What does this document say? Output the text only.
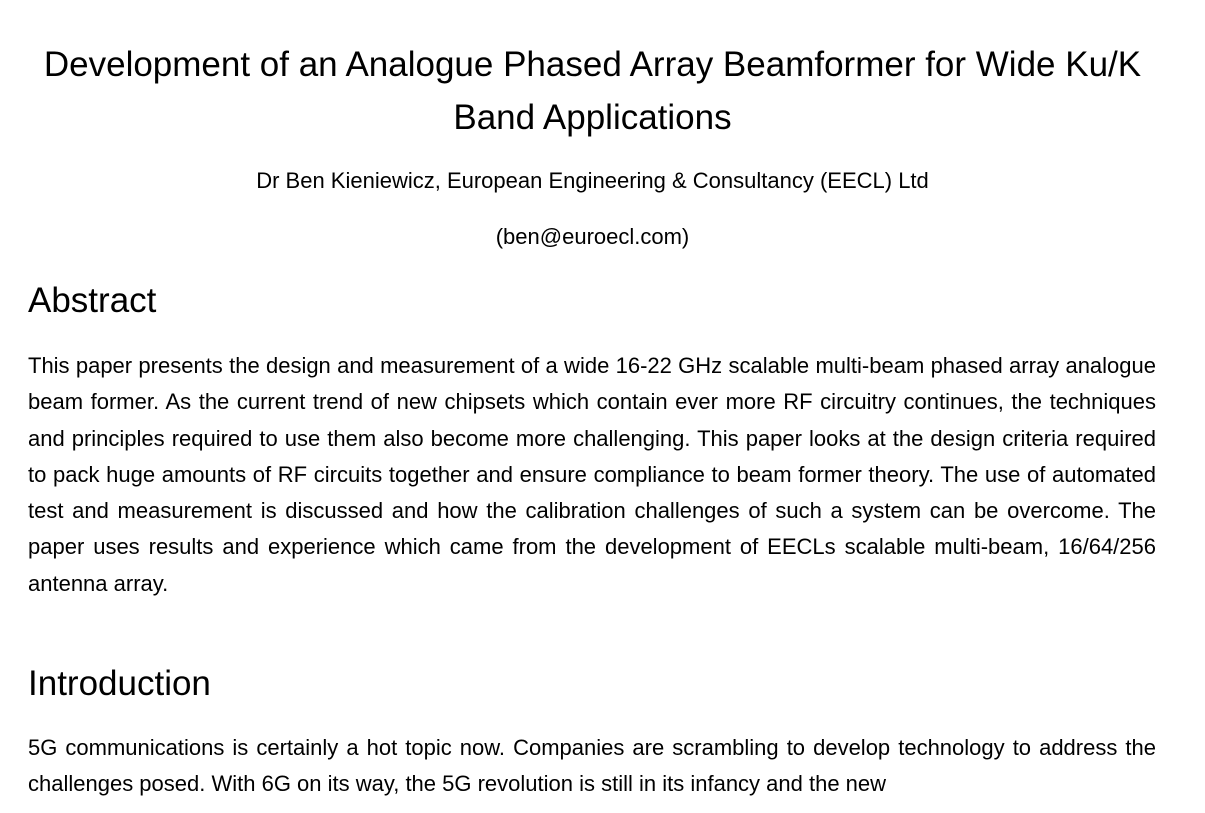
Development of an Analogue Phased Array Beamformer for Wide Ku/K Band Applications

Dr Ben Kieniewicz, European Engineering & Consultancy (EECL) Ltd

(ben@euroecl.com)

Abstract

This paper presents the design and measurement of a wide 16-22 GHz scalable multi-beam phased array analogue beam former. As the current trend of new chipsets which contain ever more RF circuitry continues, the techniques and principles required to use them also become more challenging. This paper looks at the design criteria required to pack huge amounts of RF circuits together and ensure compliance to beam former theory. The use of automated test and measurement is discussed and how the calibration challenges of such a system can be overcome. The paper uses results and experience which came from the development of EECLs scalable multi-beam, 16/64/256 antenna array.

Introduction

5G communications is certainly a hot topic now. Companies are scrambling to develop technology to address the challenges posed. With 6G on its way, the 5G revolution is still in its infancy and the new
